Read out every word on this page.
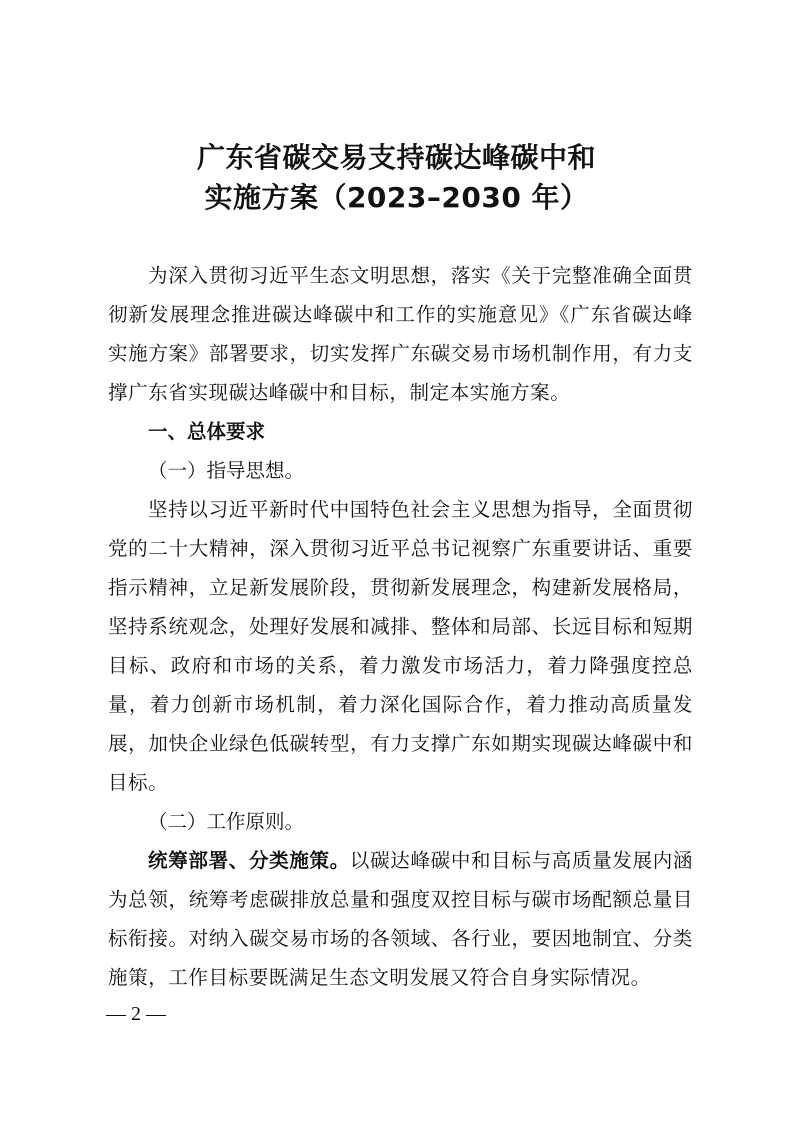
广东省碳交易支持碳达峰碳中和
实施方案（2023–2030 年）
为深入贯彻习近平生态文明思想，落实《关于完整准确全面贯彻新发展理念推进碳达峰碳中和工作的实施意见》《广东省碳达峰实施方案》部署要求，切实发挥广东碳交易市场机制作用，有力支撑广东省实现碳达峰碳中和目标，制定本实施方案。
一、总体要求
（一）指导思想。
坚持以习近平新时代中国特色社会主义思想为指导，全面贯彻党的二十大精神，深入贯彻习近平总书记视察广东重要讲话、重要指示精神，立足新发展阶段，贯彻新发展理念，构建新发展格局，坚持系统观念，处理好发展和减排、整体和局部、长远目标和短期目标、政府和市场的关系，着力激发市场活力，着力降强度控总量，着力创新市场机制，着力深化国际合作，着力推动高质量发展，加快企业绿色低碳转型，有力支撑广东如期实现碳达峰碳中和目标。
（二）工作原则。
统筹部署、分类施策。以碳达峰碳中和目标与高质量发展内涵为总领，统筹考虑碳排放总量和强度双控目标与碳市场配额总量目标衔接。对纳入碳交易市场的各领域、各行业，要因地制宜、分类施策，工作目标要既满足生态文明发展又符合自身实际情况。
— 2 —
